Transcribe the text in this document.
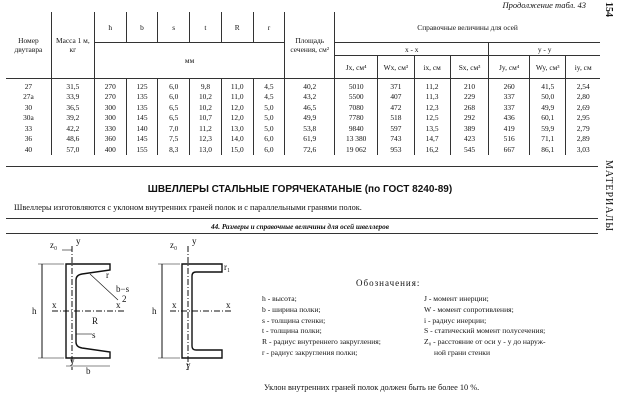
Продолжение табл. 43 154
МАТЕРИАЛЫ
Номер двутавра	Масса 1 м, кг	h	b	s	t	R	r	Площадь сечения, см²	Справочные величины для осей						
		мм							x - x				y - y		
									Jx, см⁴	Wx, см³	ix, см	Sx, см³	Jy, см⁴	Wy, см³	iy, см
27	31,5	270	125	6,0	9,8	11,0	4,5	40,2	5010	371	11,2	210	260	41,5	2,54
27а	33,9	270	135	6,0	10,2	11,0	4,5	43,2	5500	407	11,3	229	337	50,0	2,80
30	36,5	300	135	6,5	10,2	12,0	5,0	46,5	7080	472	12,3	268	337	49,9	2,69
30а	39,2	300	145	6,5	10,7	12,0	5,0	49,9	7780	518	12,5	292	436	60,1	2,95
33	42,2	330	140	7,0	11,2	13,0	5,0	53,8	9840	597	13,5	389	419	59,9	2,79
36	48,6	360	145	7,5	12,3	14,0	6,0	61,9	13 380	743	14,7	423	516	71,1	2,89
40	57,0	400	155	8,3	13,0	15,0	6,0	72,6	19 062	953	16,2	545	667	86,1	3,03
ШВЕЛЛЕРЫ СТАЛЬНЫЕ ГОРЯЧЕКАТАНЫЕ (по ГОСТ 8240-89)
Швеллеры изготовляются с уклоном внутренних граней полок и с параллельными гранями полок.
44. Размеры и справочные величины для осей швеллеров
z₀ y
x	x
h
r
b−s
2
R
s
b
y
z₀ y
r₁
h
x	x
y
Обозначения:
h - высота;
b - ширина полки;
s - толщина стенки;
t - толщина полки;
R - радиус внутреннего закругления;
r - радиус закругления полки;
J - момент инерции;
W - момент сопротивления;
i - радиус инерции;
S - статический момент полусечения;
Z₀ - расстояние от оси y - y до наруж-
ной грани стенки
Уклон внутренних граней полок должен быть не более 10 %.
